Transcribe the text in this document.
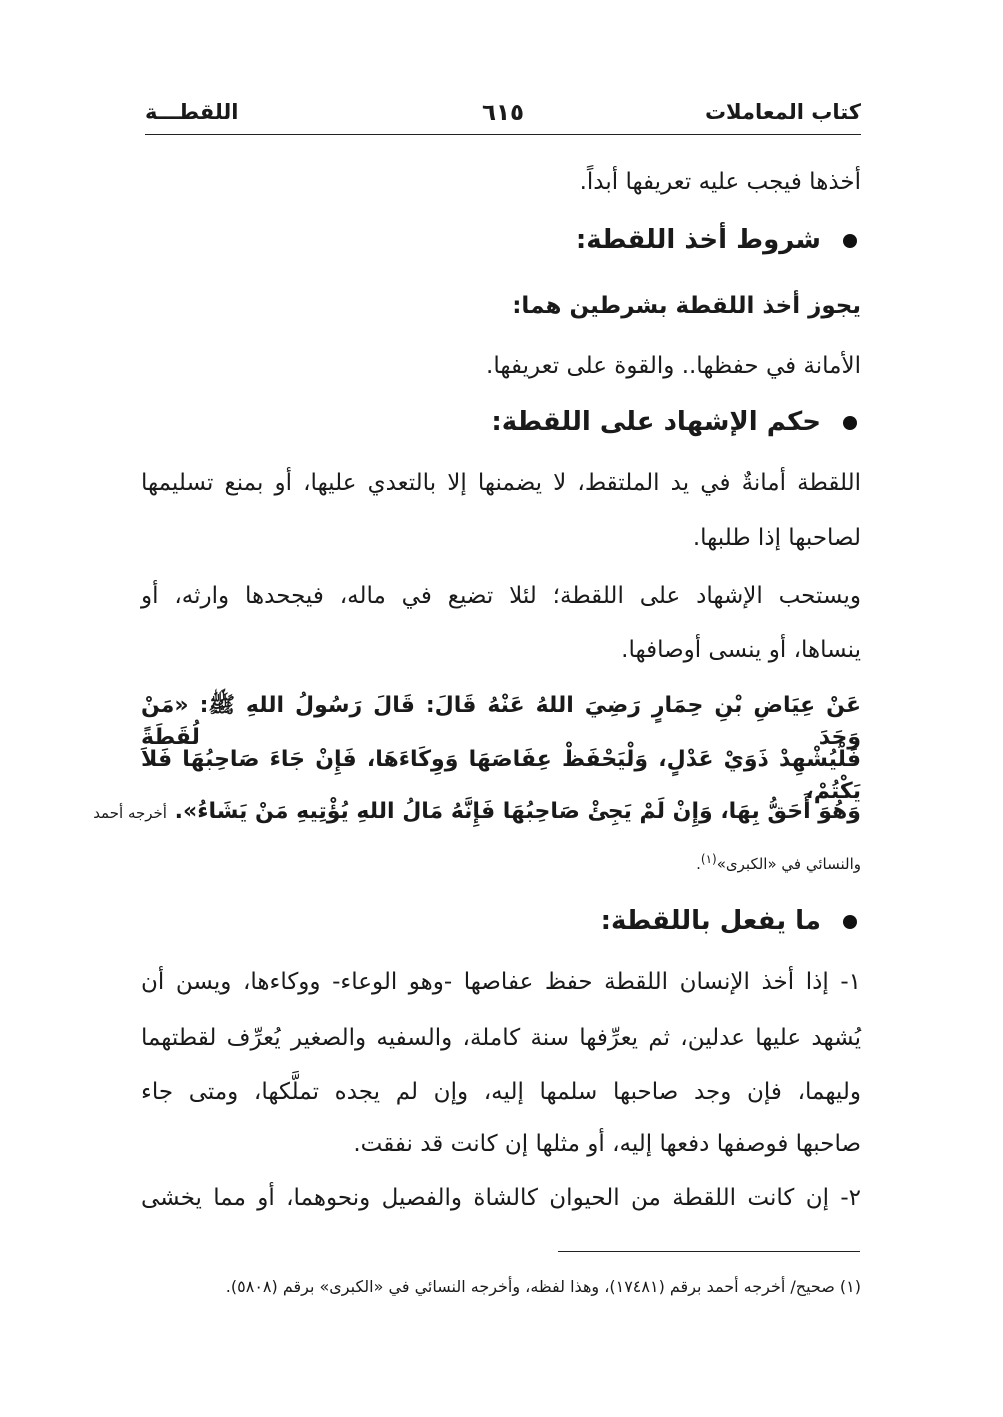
كتاب المعاملات
٦١٥
اللقطـــة
أخذها فيجب عليه تعريفها أبداً.
شروط أخذ اللقطة:
يجوز أخذ اللقطة بشرطين هما:
الأمانة في حفظها.. والقوة على تعريفها.
حكم الإشهاد على اللقطة:
اللقطة أمانةٌ في يد الملتقط، لا يضمنها إلا بالتعدي عليها، أو بمنع تسليمها
لصاحبها إذا طلبها.
ويستحب الإشهاد على اللقطة؛ لئلا تضيع في ماله، فيجحدها وارثه، أو
ينساها، أو ينسى أوصافها.
عَنْ عِيَاضِ بْنِ حِمَارٍ رَضِيَ اللهُ عَنْهُ قَالَ: قَالَ رَسُولُ اللهِ ﷺ: «مَنْ وَجَدَ لُقَطَةً
فَلْيُشْهِدْ ذَوَيْ عَدْلٍ، وَلْيَحْفَظْ عِفَاصَهَا وَوِكَاءَهَا، فَإِنْ جَاءَ صَاحِبُهَا فَلاَ يَكْتُمْ،
وَهُوَ أَحَقُّ بِهَا، وَإِنْ لَمْ يَجِئْ صَاحِبُهَا فَإِنَّهُ مَالُ اللهِ يُؤْتِيهِ مَنْ يَشَاءُ». أخرجه أحمد
والنسائي في «الكبرى»$^{(١)}$.
ما يفعل باللقطة:
١- إذا أخذ الإنسان اللقطة حفظ عفاصها -وهو الوعاء- ووكاءها، ويسن أن
يُشهد عليها عدلين، ثم يعرِّفها سنة كاملة، والسفيه والصغير يُعرِّف لقطتهما
وليهما، فإن وجد صاحبها سلمها إليه، وإن لم يجده تملَّكها، ومتى جاء
صاحبها فوصفها دفعها إليه، أو مثلها إن كانت قد نفقت.
٢- إن كانت اللقطة من الحيوان كالشاة والفصيل ونحوهما، أو مما يخشى
(١) صحيح/ أخرجه أحمد برقم (١٧٤٨١)، وهذا لفظه، وأخرجه النسائي في «الكبرى» برقم (٥٨٠٨).
